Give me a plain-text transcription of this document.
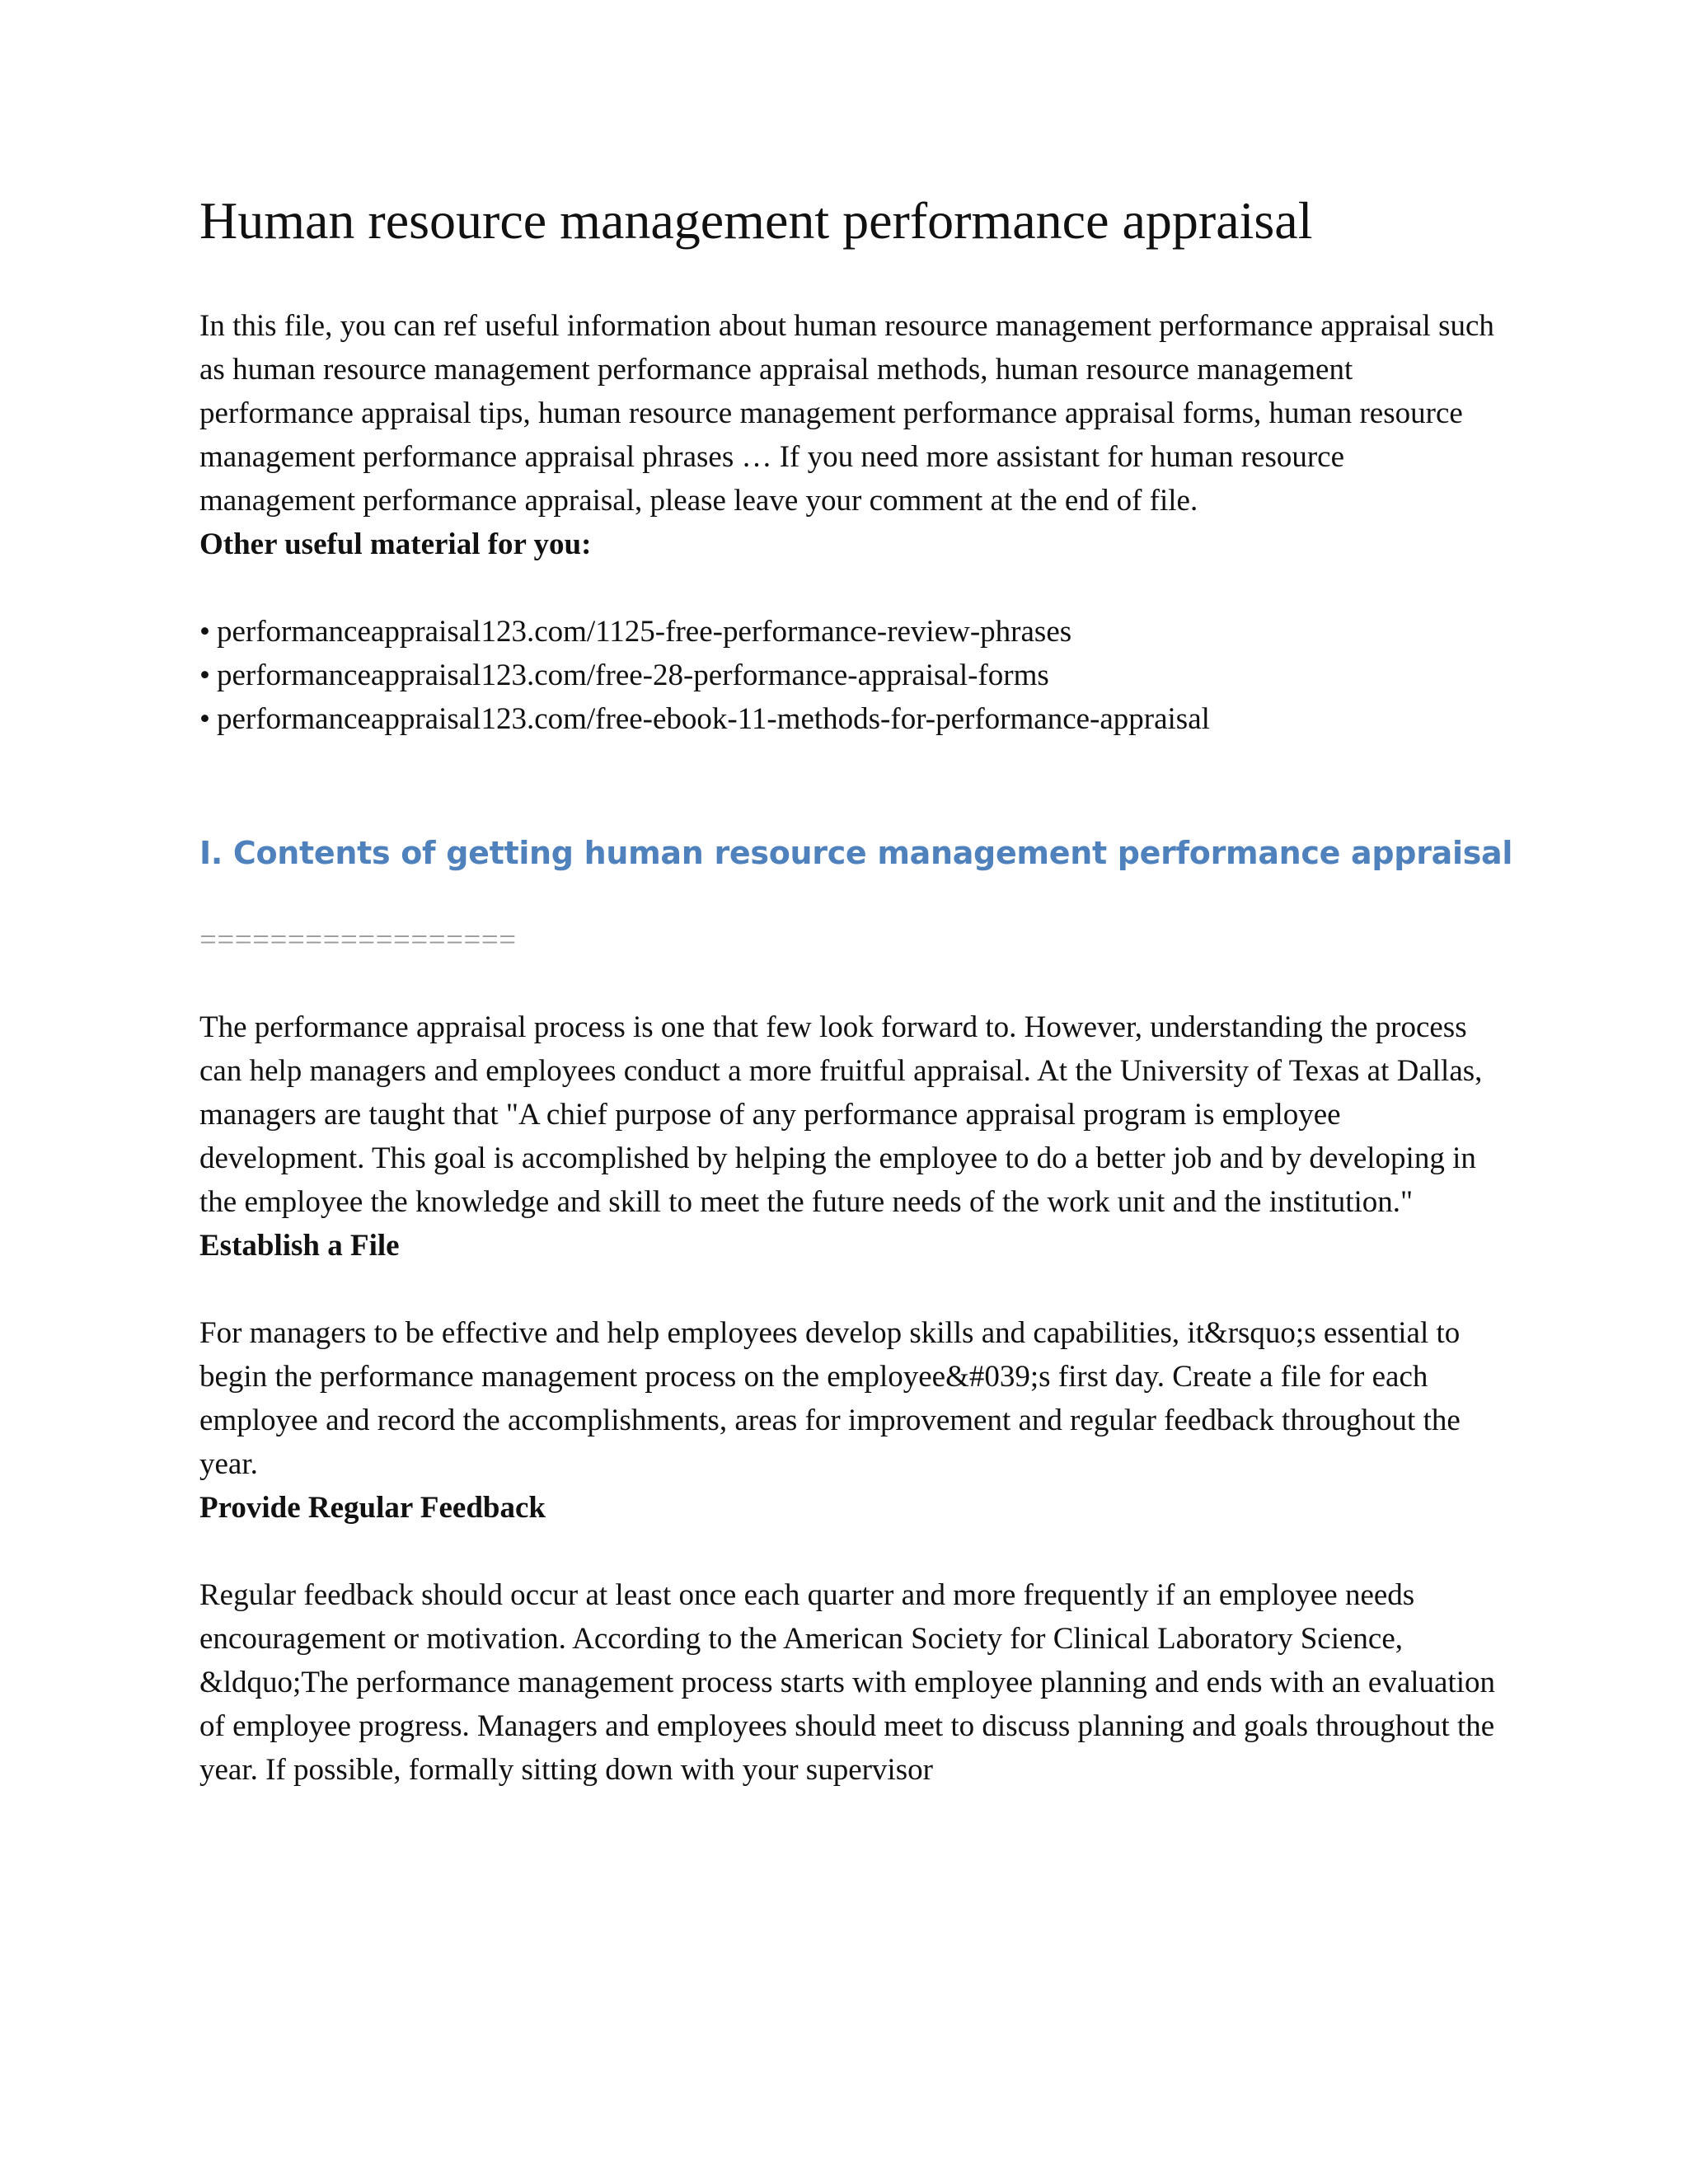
Human resource management performance appraisal

In this file, you can ref useful information about human resource management performance appraisal such as human resource management performance appraisal methods, human resource management performance appraisal tips, human resource management performance appraisal forms, human resource management performance appraisal phrases … If you need more assistant for human resource management performance appraisal, please leave your comment at the end of file.

Other useful material for you:

• performanceappraisal123.com/1125-free-performance-review-phrases
• performanceappraisal123.com/free-28-performance-appraisal-forms
• performanceappraisal123.com/free-ebook-11-methods-for-performance-appraisal
I. Contents of getting human resource management performance appraisal
==================

The performance appraisal process is one that few look forward to. However, understanding the process can help managers and employees conduct a more fruitful appraisal. At the University of Texas at Dallas, managers are taught that "A chief purpose of any performance appraisal program is employee development. This goal is accomplished by helping the employee to do a better job and by developing in the employee the knowledge and skill to meet the future needs of the work unit and the institution."

Establish a File

For managers to be effective and help employees develop skills and capabilities, it&rsquo;s essential to begin the performance management process on the employee&#039;s first day. Create a file for each employee and record the accomplishments, areas for improvement and regular feedback throughout the year.

Provide Regular Feedback

Regular feedback should occur at least once each quarter and more frequently if an employee needs encouragement or motivation. According to the American Society for Clinical Laboratory Science, &ldquo;The performance management process starts with employee planning and ends with an evaluation of employee progress. Managers and employees should meet to discuss planning and goals throughout the year. If possible, formally sitting down with your supervisor
